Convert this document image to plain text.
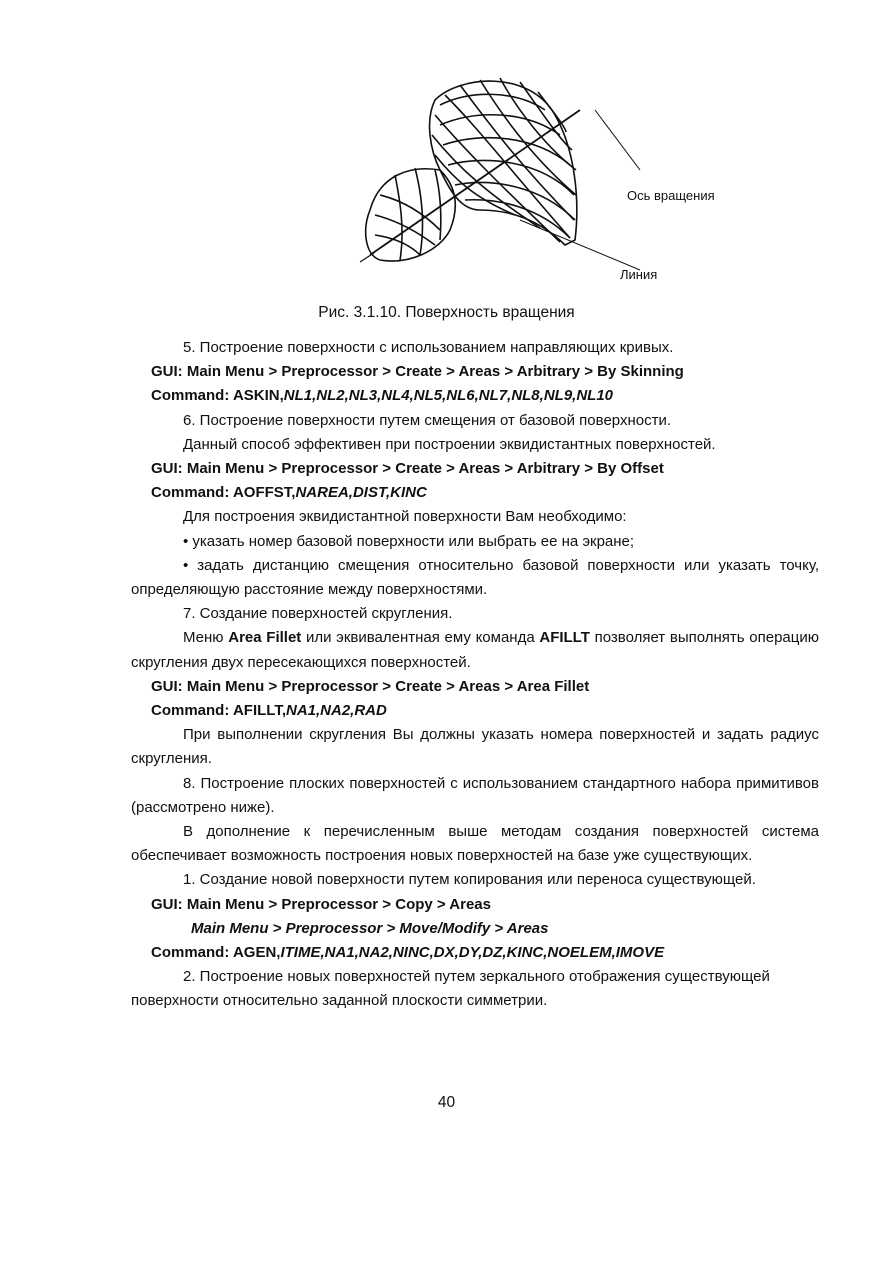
Ось вращения
Линия
Рис. 3.1.10. Поверхность вращения

5. Построение поверхности с использованием направляющих кривых.

GUI: Main Menu > Preprocessor > Create > Areas > Arbitrary > By Skinning

Command: ASKIN,NL1,NL2,NL3,NL4,NL5,NL6,NL7,NL8,NL9,NL10

6. Построение поверхности путем смещения от базовой поверхности.

Данный способ эффективен при построении эквидистантных поверхностей.

GUI: Main Menu > Preprocessor > Create > Areas > Arbitrary > By Offset

Command: AOFFST,NAREA,DIST,KINC

Для построения эквидистантной поверхности Вам необходимо:

• указать номер базовой поверхности или выбрать ее на экране;

• задать дистанцию смещения относительно базовой поверхности или указать точку, определяющую расстояние между поверхностями.

7. Создание поверхностей скругления.

Меню Area Fillet или эквивалентная ему команда AFILLT позволяет выполнять операцию скругления двух пересекающихся поверхностей.

GUI: Main Menu > Preprocessor > Create > Areas > Area Fillet

Command: AFILLT,NA1,NA2,RAD

При выполнении скругления Вы должны указать номера поверхностей и задать радиус скругления.

8. Построение плоских поверхностей с использованием стандартного набора примитивов (рассмотрено ниже).

В дополнение к перечисленным выше методам создания поверхностей система обеспечивает возможность построения новых поверхностей на базе уже существующих.

1. Создание новой поверхности путем копирования или переноса существующей.

GUI: Main Menu > Preprocessor > Copy > Areas

Main Menu > Preprocessor > Move/Modify > Areas

Command: AGEN,ITIME,NA1,NA2,NINC,DX,DY,DZ,KINC,NOELEM,IMOVE

2. Построение новых поверхностей путем зеркального отображения существующей поверхности относительно заданной плоскости симметрии.

40
